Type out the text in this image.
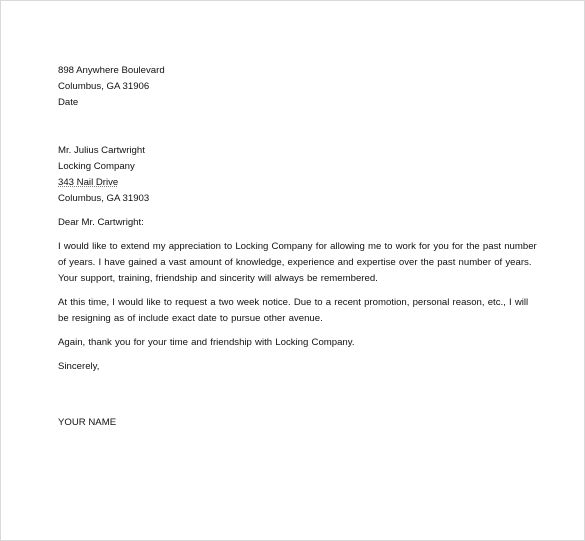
898 Anywhere Boulevard
Columbus, GA 31906
Date
Mr. Julius Cartwright
Locking Company
343 Nail Drive
Columbus, GA 31903
Dear Mr. Cartwright:
I would like to extend my appreciation to Locking Company for allowing me to work for you for the past number of years. I have gained a vast amount of knowledge, experience and expertise over the past number of years. Your support, training, friendship and sincerity will always be remembered.
At this time, I would like to request a two week notice. Due to a recent promotion, personal reason, etc., I will be resigning as of include exact date to pursue other avenue.
Again, thank you for your time and friendship with Locking Company.
Sincerely,
YOUR NAME
